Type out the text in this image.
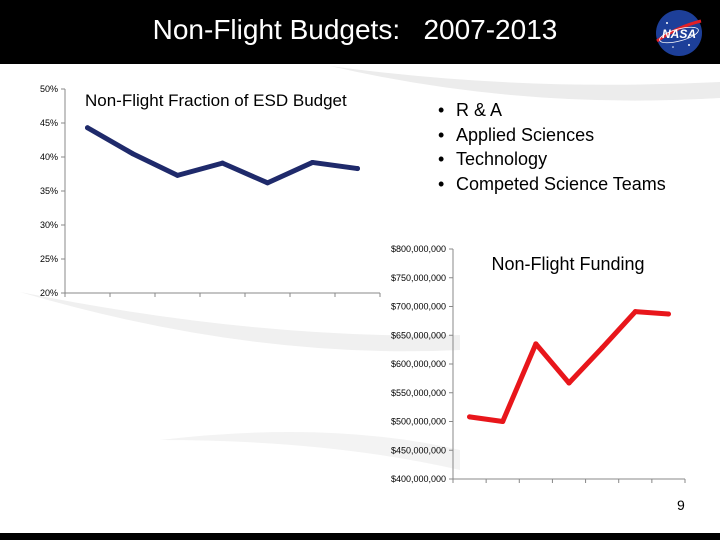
Non-Flight Budgets:   2007-2013	NASA
50%
45%
40%
35%
30%
25%
20%
Non-Flight Fraction of ESD Budget
$800,000,000
$750,000,000
$700,000,000
$650,000,000
$600,000,000
$550,000,000
$500,000,000
$450,000,000
$400,000,000
Non-Flight Funding
• R & A
• Applied Sciences
• Technology
• Competed Science Teams
9
